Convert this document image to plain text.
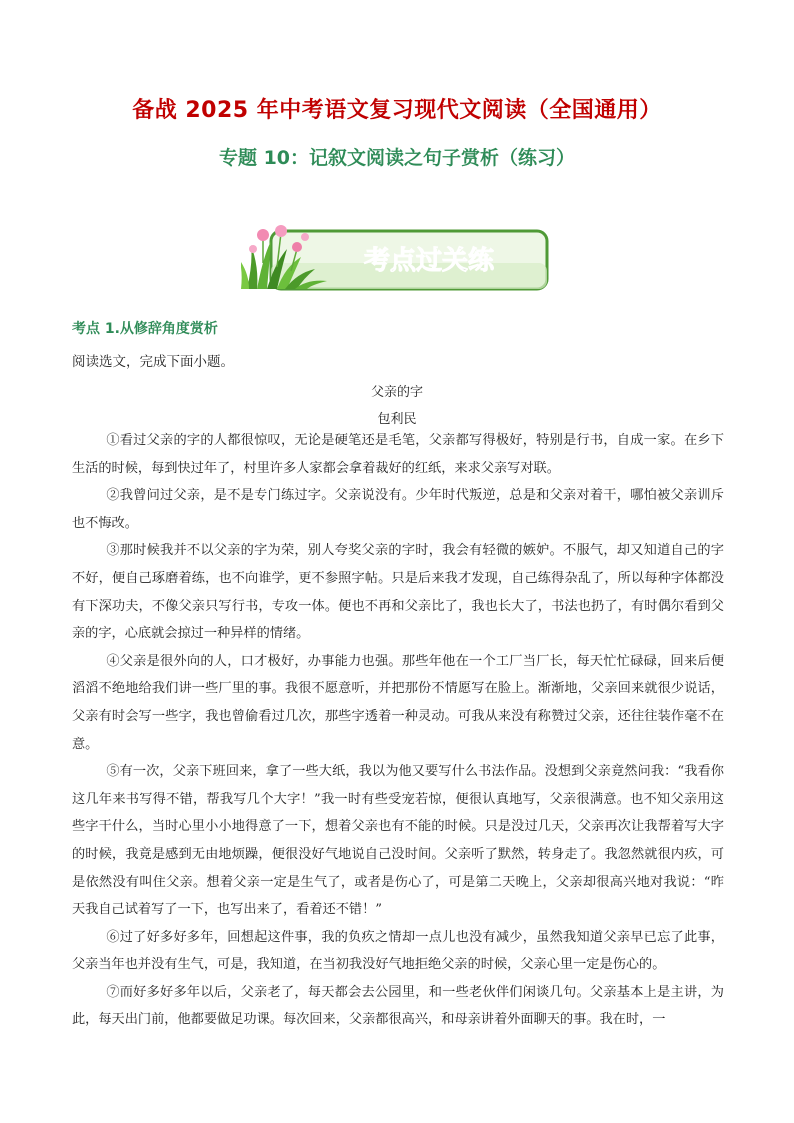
备战 2025 年中考语文复习现代文阅读（全国通用）
专题 10：记叙文阅读之句子赏析（练习）
考点过关练
考点 1.从修辞角度赏析
阅读选文，完成下面小题。
父亲的字
包利民

①看过父亲的字的人都很惊叹，无论是硬笔还是毛笔，父亲都写得极好，特别是行书，自成一家。在乡下生活的时候，每到快过年了，村里许多人家都会拿着裁好的红纸，来求父亲写对联。

②我曾问过父亲，是不是专门练过字。父亲说没有。少年时代叛逆，总是和父亲对着干，哪怕被父亲训斥也不悔改。

③那时候我并不以父亲的字为荣，别人夸奖父亲的字时，我会有轻微的嫉妒。不服气，却又知道自己的字不好，便自己琢磨着练，也不向谁学，更不参照字帖。只是后来我才发现，自己练得杂乱了，所以每种字体都没有下深功夫，不像父亲只写行书，专攻一体。便也不再和父亲比了，我也长大了，书法也扔了，有时偶尔看到父亲的字，心底就会掠过一种异样的情绪。

④父亲是很外向的人，口才极好，办事能力也强。那些年他在一个工厂当厂长，每天忙忙碌碌，回来后便滔滔不绝地给我们讲一些厂里的事。我很不愿意听，并把那份不情愿写在脸上。渐渐地，父亲回来就很少说话，父亲有时会写一些字，我也曾偷看过几次，那些字透着一种灵动。可我从来没有称赞过父亲，还往往装作毫不在意。

⑤有一次，父亲下班回来，拿了一些大纸，我以为他又要写什么书法作品。没想到父亲竟然问我：“我看你这几年来书写得不错，帮我写几个大字！”我一时有些受宠若惊，便很认真地写，父亲很满意。也不知父亲用这些字干什么，当时心里小小地得意了一下，想着父亲也有不能的时候。只是没过几天，父亲再次让我帮着写大字的时候，我竟是感到无由地烦躁，便很没好气地说自己没时间。父亲听了默然，转身走了。我忽然就很内疚，可是依然没有叫住父亲。想着父亲一定是生气了，或者是伤心了，可是第二天晚上，父亲却很高兴地对我说：“昨天我自己试着写了一下，也写出来了，看着还不错！”

⑥过了好多好多年，回想起这件事，我的负疚之情却一点儿也没有减少，虽然我知道父亲早已忘了此事，父亲当年也并没有生气，可是，我知道，在当初我没好气地拒绝父亲的时候，父亲心里一定是伤心的。

⑦而好多好多年以后，父亲老了，每天都会去公园里，和一些老伙伴们闲谈几句。父亲基本上是主讲，为此，每天出门前，他都要做足功课。每次回来，父亲都很高兴，和母亲讲着外面聊天的事。我在时，一
